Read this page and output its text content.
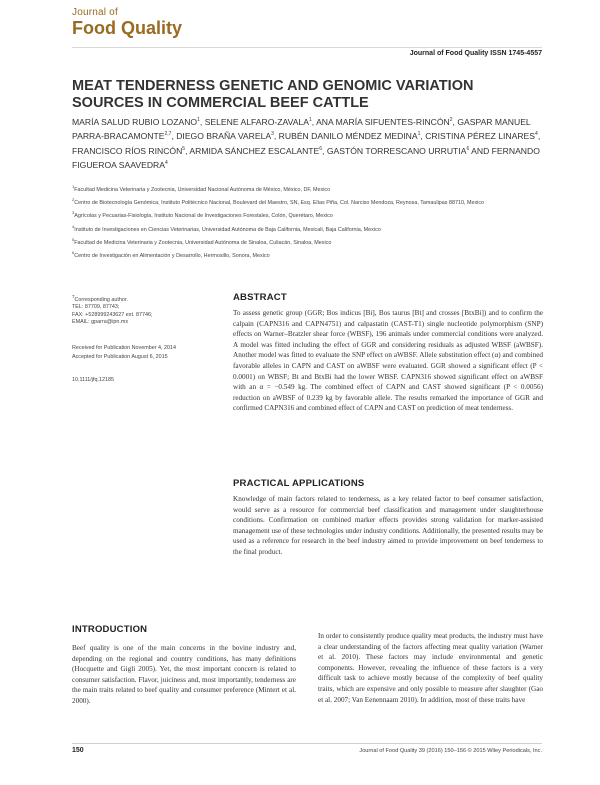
Journal of
Food Quality
Journal of Food Quality ISSN 1745-4557
MEAT TENDERNESS GENETIC AND GENOMIC VARIATION SOURCES IN COMMERCIAL BEEF CATTLE
MARÍA SALUD RUBIO LOZANO$^1$, SELENE ALFARO-ZAVALA$^1$, ANA MARÍA SIFUENTES-RINCÓN$^2$, GASPAR MANUEL PARRA-BRACAMONTE$^{2,7}$, DIEGO BRAÑA VARELA$^3$, RUBÉN DANILO MÉNDEZ MEDINA$^1$, CRISTINA PÉREZ LINARES$^4$, FRANCISCO RÍOS RINCÓN$^5$, ARMIDA SÁNCHEZ ESCALANTE$^6$, GASTÓN TORRESCANO URRUTIA$^6$ AND FERNANDO FIGUEROA SAAVEDRA$^4$
$^1$Facultad Medicina Veterinaria y Zootecnia, Universidad Nacional Autónoma de México, México, DF, Mexico
$^2$Centro de Biotecnología Genómica, Instituto Politécnico Nacional, Boulevard del Maestro, SN, Esq. Elías Piña, Col. Narciso Mendoza, Reynosa, Tamaulipas 88710, Mexico
$^3$Agrícolas y Pecuarias-Fisiología, Instituto Nacional de Investigaciones Forestales, Colón, Querétaro, Mexico
$^4$Instituto de Investigaciones en Ciencias Veterinarias, Universidad Autónoma de Baja California, Mexicali, Baja California, Mexico
$^5$Facultad de Medicina Veterinaria y Zootecnia, Universidad Autónoma de Sinaloa, Culiacán, Sinaloa, Mexico
$^6$Centro de Investigación en Alimentación y Desarrollo, Hermosillo, Sonora, Mexico
$^7$Corresponding author.
TEL: 87709, 87743;
FAX: +528999243627 ext. 87746;
EMAIL: gparra@ipn.mx
Received for Publication November 4, 2014
Accepted for Publication August 6, 2015
10.1111/jfq.12185
ABSTRACT

To assess genetic group (GGR; Bos indicus [Bi], Bos taurus [Bt] and crosses [BtxBi]) and to confirm the calpain (CAPN316 and CAPN4751) and calpastatin (CAST-T1) single nucleotide polymorphism (SNP) effects on Warner–Bratzler shear force (WBSF), 196 animals under commercial conditions were analyzed. A model was fitted including the effect of GGR and considering residuals as adjusted WBSF (aWBSF). Another model was fitted to evaluate the SNP effect on aWBSF. Allele substitution effect (α) and combined favorable alleles in CAPN and CAST on aWBSF were evaluated. GGR showed a significant effect (P < 0.0001) on WBSF; Bt and BtxBi had the lower WBSF. CAPN316 showed significant effect on aWBSF with an α = −0.549 kg. The combined effect of CAPN and CAST showed significant (P < 0.0056) reduction on aWBSF of 0.239 kg by favorable allele. The results remarked the importance of GGR and confirmed CAPN316 and combined effect of CAPN and CAST on prediction of meat tenderness.

PRACTICAL APPLICATIONS

Knowledge of main factors related to tenderness, as a key related factor to beef consumer satisfaction, would serve as a resource for commercial beef classification and management under slaughterhouse conditions. Confirmation on combined marker effects provides strong validation for marker-assisted management use of these technologies under industry conditions. Additionally, the presented results may be used as a reference for research in the beef industry aimed to provide improvement on beef tenderness to the final product.

INTRODUCTION

Beef quality is one of the main concerns in the bovine industry and, depending on the regional and country conditions, has many definitions (Hocquette and Gigli 2005). Yet, the most important concern is related to consumer satisfaction. Flavor, juiciness and, most importantly, tenderness are the main traits related to beef quality and consumer preference (Mintert et al. 2000).

In order to consistently produce quality meat products, the industry must have a clear understanding of the factors affecting meat quality variation (Warner et al. 2010). These factors may include environmental and genetic components. However, revealing the influence of these factors is a very difficult task to achieve mostly because of the complexity of beef quality traits, which are expensive and only possible to measure after slaughter (Gao et al. 2007; Van Eenennaam 2010). In addition, most of these traits have

150	Journal of Food Quality 39 (2016) 150–156 © 2015 Wiley Periodicals, Inc.
